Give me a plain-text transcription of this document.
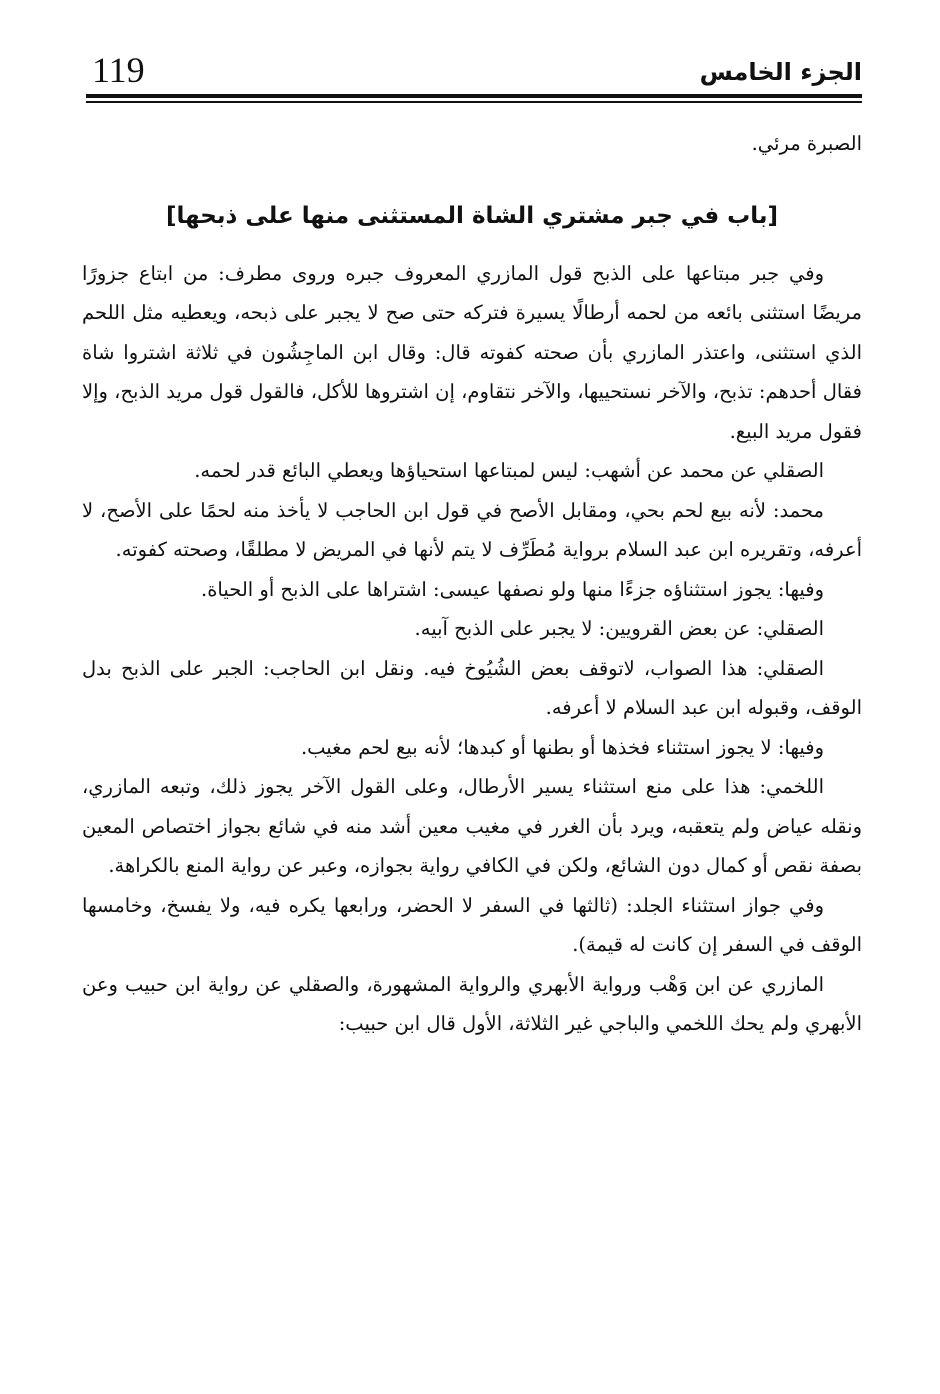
119	الجزء الخامس

الصبرة مرئي.

[باب في جبر مشتري الشاة المستثنى منها على ذبحها]

وفي جبر مبتاعها على الذبح قول المازري المعروف جبره وروى مطرف: من ابتاع جزورًا مريضًا استثنى بائعه من لحمه أرطالًا يسيرة فتركه حتى صح لا يجبر على ذبحه، ويعطيه مثل اللحم الذي استثنى، واعتذر المازري بأن صحته كفوته قال: وقال ابن الماجِشُون في ثلاثة اشتروا شاة فقال أحدهم: تذبح، والآخر نستحييها، والآخر نتقاوم، إن اشتروها للأكل، فالقول قول مريد الذبح، وإلا فقول مريد البيع.

الصقلي عن محمد عن أشهب: ليس لمبتاعها استحياؤها ويعطي البائع قدر لحمه.

محمد: لأنه بيع لحم بحي، ومقابل الأصح في قول ابن الحاجب لا يأخذ منه لحمًا على الأصح، لا أعرفه، وتقريره ابن عبد السلام برواية مُطَرِّف لا يتم لأنها في المريض لا مطلقًا، وصحته كفوته.

وفيها: يجوز استثناؤه جزءًا منها ولو نصفها عيسى: اشتراها على الذبح أو الحياة.

الصقلي: عن بعض القرويين: لا يجبر على الذبح آبيه.

الصقلي: هذا الصواب، لاتوقف بعض الشُيُوخ فيه. ونقل ابن الحاجب: الجبر على الذبح بدل الوقف، وقبوله ابن عبد السلام لا أعرفه.

وفيها: لا يجوز استثناء فخذها أو بطنها أو كبدها؛ لأنه بيع لحم مغيب.

اللخمي: هذا على منع استثناء يسير الأرطال، وعلى القول الآخر يجوز ذلك، وتبعه المازري، ونقله عياض ولم يتعقبه، ويرد بأن الغرر في مغيب معين أشد منه في شائع بجواز اختصاص المعين بصفة نقص أو كمال دون الشائع، ولكن في الكافي رواية بجوازه، وعبر عن رواية المنع بالكراهة.

وفي جواز استثناء الجلد: (ثالثها في السفر لا الحضر، ورابعها يكره فيه، ولا يفسخ، وخامسها الوقف في السفر إن كانت له قيمة).

المازري عن ابن وَهْب ورواية الأبهري والرواية المشهورة، والصقلي عن رواية ابن حبيب وعن الأبهري ولم يحك اللخمي والباجي غير الثلاثة، الأول قال ابن حبيب:
